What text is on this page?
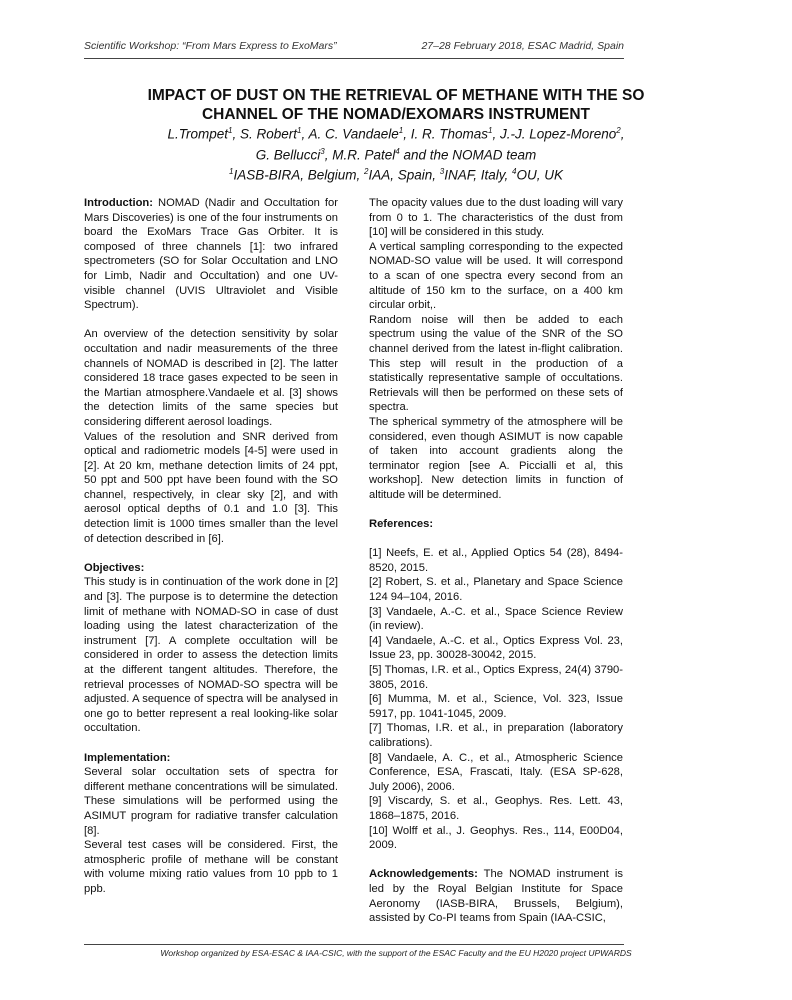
Scientific Workshop: “From Mars Express to ExoMars”	27–28 February 2018, ESAC Madrid, Spain
IMPACT OF DUST ON THE RETRIEVAL OF METHANE WITH THE SO
CHANNEL OF THE NOMAD/EXOMARS INSTRUMENT
L.Trompet$^1$, S. Robert$^1$, A. C. Vandaele$^1$, I. R. Thomas$^1$, J.-J. Lopez-Moreno$^2$,
G. Bellucci$^3$, M.R. Patel$^4$ and the NOMAD team
$^1$IASB-BIRA, Belgium, $^2$IAA, Spain, $^3$INAF, Italy, $^4$OU, UK

Introduction: NOMAD (Nadir and Occultation for Mars Discoveries) is one of the four instruments on board the ExoMars Trace Gas Orbiter. It is composed of three channels [1]: two infrared spectrometers (SO for Solar Occultation and LNO for Limb, Nadir and Occultation) and one UV-visible channel (UVIS Ultraviolet and Visible Spectrum).

An overview of the detection sensitivity by solar occultation and nadir measurements of the three channels of NOMAD is described in [2]. The latter considered 18 trace gases expected to be seen in the Martian atmosphere.Vandaele et al. [3] shows the detection limits of the same species but considering different aerosol loadings.

Values of the resolution and SNR derived from optical and radiometric models [4-5] were used in [2]. At 20 km, methane detection limits of 24 ppt, 50 ppt and 500 ppt have been found with the SO channel, respectively, in clear sky [2], and with aerosol optical depths of 0.1 and 1.0 [3]. This detection limit is 1000 times smaller than the level of detection described in [6].

Objectives:

This study is in continuation of the work done in [2] and [3]. The purpose is to determine the detection limit of methane with NOMAD-SO in case of dust loading using the latest characterization of the instrument [7]. A complete occultation will be considered in order to assess the detection limits at the different tangent altitudes. Therefore, the retrieval processes of NOMAD-SO spectra will be adjusted. A sequence of spectra will be analysed in one go to better represent a real looking-like solar occultation.

Implementation:

Several solar occultation sets of spectra for different methane concentrations will be simulated. These simulations will be performed using the ASIMUT program for radiative transfer calculation [8].

Several test cases will be considered. First, the atmospheric profile of methane will be constant with volume mixing ratio values from 10 ppb to 1 ppb.

The opacity values due to the dust loading will vary from 0 to 1. The characteristics of the dust from [10] will be considered in this study.

A vertical sampling corresponding to the expected NOMAD-SO value will be used. It will correspond to a scan of one spectra every second from an altitude of 150 km to the surface, on a 400 km circular orbit,.

Random noise will then be added to each spectrum using the value of the SNR of the SO channel derived from the latest in-flight calibration. This step will result in the production of a statistically representative sample of occultations. Retrievals will then be performed on these sets of spectra.

The spherical symmetry of the atmosphere will be considered, even though ASIMUT is now capable of taken into account gradients along the terminator region [see A. Piccialli et al, this workshop]. New detection limits in function of altitude will be determined.

References:

[1] Neefs, E. et al., Applied Optics 54 (28), 8494- 8520, 2015.

[2] Robert, S. et al., Planetary and Space Science 124 94–104, 2016.

[3] Vandaele, A.-C. et al., Space Science Review (in review).

[4] Vandaele, A.-C. et al., Optics Express Vol. 23, Issue 23, pp. 30028-30042, 2015.

[5] Thomas, I.R. et al., Optics Express, 24(4) 3790-3805, 2016.

[6] Mumma, M. et al., Science, Vol. 323, Issue 5917, pp. 1041-1045, 2009.

[7] Thomas, I.R. et al., in preparation (laboratory calibrations).

[8] Vandaele, A. C., et al., Atmospheric Science Conference, ESA, Frascati, Italy. (ESA SP-628, July 2006), 2006.

[9] Viscardy, S. et al., Geophys. Res. Lett. 43, 1868–1875, 2016.

[10] Wolff et al., J. Geophys. Res., 114, E00D04, 2009.

Acknowledgements: The NOMAD instrument is led by the Royal Belgian Institute for Space Aeronomy (IASB-BIRA, Brussels, Belgium), assisted by Co-PI teams from Spain (IAA-CSIC,

Workshop organized by ESA-ESAC & IAA-CSIC, with the support of the ESAC Faculty and the EU H2020 project UPWARDS
